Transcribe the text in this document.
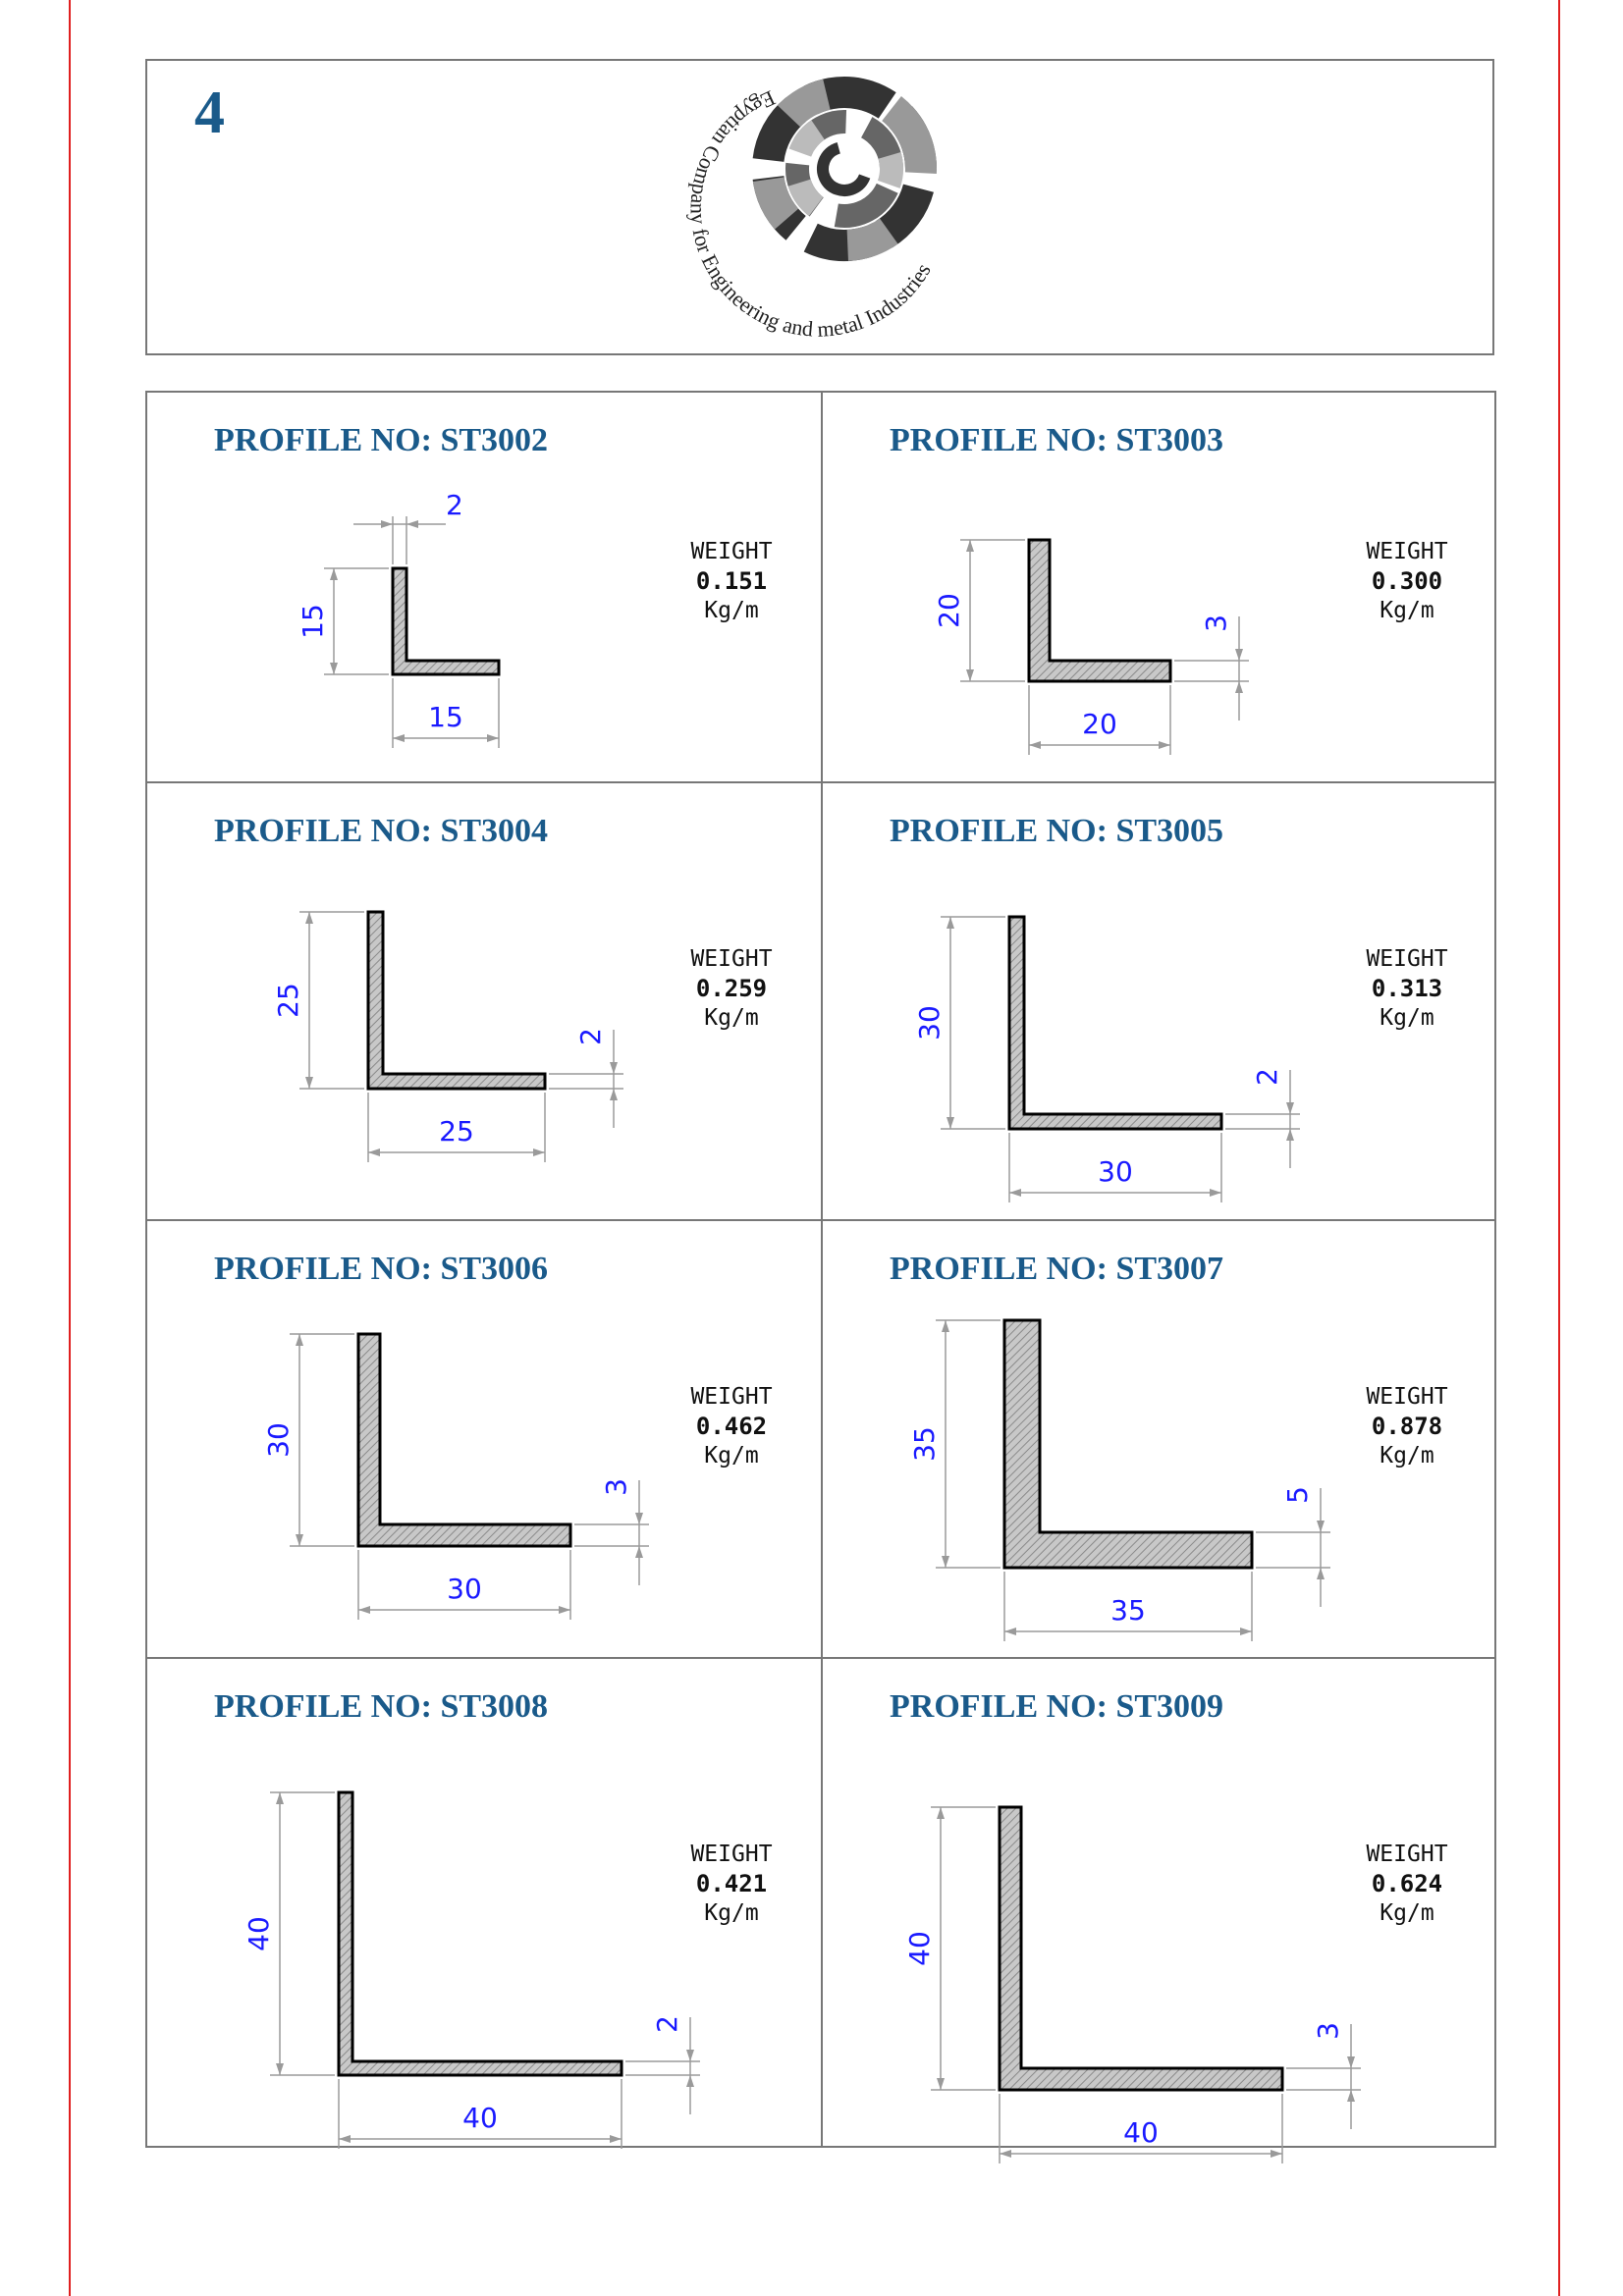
4	Egyptian Company for Engineering and metal Industries
PROFILE NO: ST3002
WEIGHT
0.151
Kg/m
15
15
2
PROFILE NO: ST3003
WEIGHT
0.300
Kg/m
20
20
3
PROFILE NO: ST3004
WEIGHT
0.259
Kg/m
25
25
2
PROFILE NO: ST3005
WEIGHT
0.313
Kg/m
30
30
2
PROFILE NO: ST3006
WEIGHT
0.462
Kg/m
30
30
3
PROFILE NO: ST3007
WEIGHT
0.878
Kg/m
35
35
5
PROFILE NO: ST3008
WEIGHT
0.421
Kg/m
40
40
2
PROFILE NO: ST3009
WEIGHT
0.624
Kg/m
40
40
3
